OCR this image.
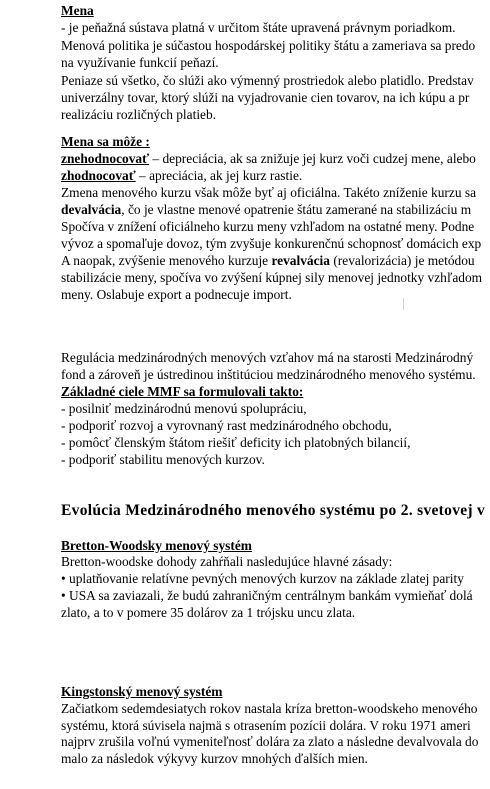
Mena
- je peňažná sústava platná v určitom štáte upravená právnym poriadkom.
Menová politika je súčastou hospodárskej politiky štátu a zameriava sa predo
na využívanie funkcií peňazí.
Peniaze sú všetko, čo slúži ako výmenný prostriedok alebo platidlo. Predstav
univerzálny tovar, ktorý slúži na vyjadrovanie cien tovarov, na ich kúpu a pr
realizáciu rozličných platieb.
Mena sa môže :
znehodnocovať – depreciácia, ak sa znižuje jej kurz voči cudzej mene, alebo
zhodnocovať – apreciácia, ak jej kurz rastie.
Zmena menového kurzu však môže byť aj oficiálna. Takéto zníženie kurzu sa
devalvácia, čo je vlastne menové opatrenie štátu zamerané na stabilizáciu m
Spočíva v znížení oficiálneho kurzu meny vzhľadom na ostatné meny. Podne
vývoz a spomaľuje dovoz, tým zvyšuje konkurenčnú schopnosť domácich exp
A naopak, zvýšenie menového kurzuje revalvácia (revalorizácia) je metódou
stabilizácie meny, spočíva vo zvýšení kúpnej sily menovej jednotky vzhľadom
meny. Oslabuje export a podnecuje import.
Regulácia medzinárodných menových vzťahov má na starosti Medzinárodný
fond a zároveň je ústredinou inštitúciou medzinárodného menového systému.
Základné ciele MMF sa formulovali takto:
- posilniť medzinárodnú menovú spolupráciu,
- podporiť rozvoj a vyrovnaný rast medzinárodného obchodu,
- pomôcť členským štátom riešiť deficity ich platobných bilancií,
- podporiť stabilitu menových kurzov.
Evolúcia Medzinárodného menového systému po 2. svetovej v
Bretton-Woodsky menový systém
Bretton-woodske dohody zahŕňali nasledujúce hlavné zásady:
• uplatňovanie relatívne pevných menových kurzov na základe zlatej parity
• USA sa zaviazali, že budú zahraničným centrálnym bankám vymieňať dolá
zlato, a to v pomere 35 dolárov za 1 trójsku uncu zlata.
Kingstonský menový systém
Začiatkom sedemdesiatych rokov nastala kríza bretton-woodskeho menového
systému, ktorá súvisela najmä s otrasením pozícii dolára. V roku 1971 ameri
najprv zrušila voľnú vymeniteľnosť dolára za zlato a následne devalvovala do
malo za následok výkyvy kurzov mnohých ďalších mien.
